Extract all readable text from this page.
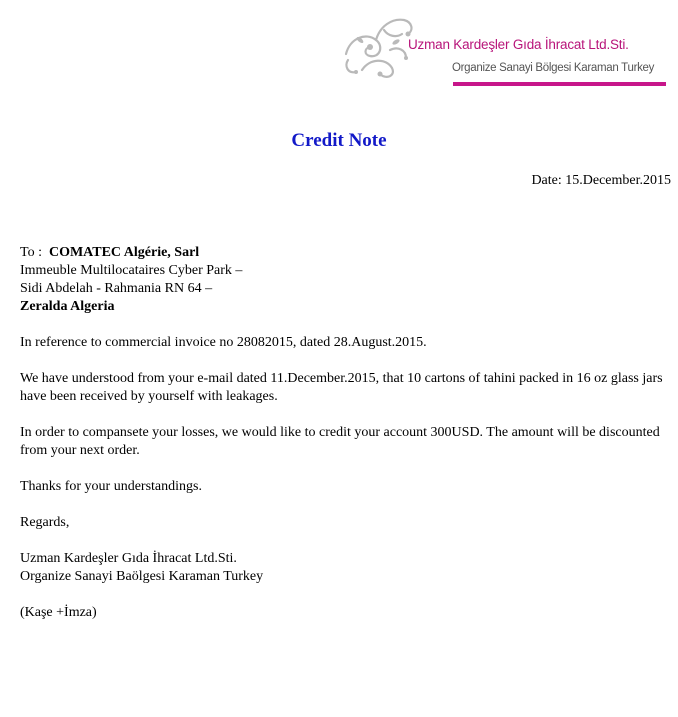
Uzman Kardeşler Gıda İhracat Ltd.Sti.
Organize Sanayi Bölgesi Karaman Turkey
Credit Note
Date: 15.December.2015

To : COMATEC Algérie, Sarl
Immeuble Multilocataires Cyber Park –
Sidi Abdelah - Rahmania RN 64 –
Zeralda Algeria

In reference to commercial invoice no 28082015, dated 28.August.2015.

We have understood from your e-mail dated 11.December.2015, that 10 cartons of tahini packed in 16 oz glass jars have been received by yourself with leakages.

In order to compansete your losses, we would like to credit your account 300USD. The amount will be discounted from your next order.

Thanks for your understandings.

Regards,

Uzman Kardeşler Gıda İhracat Ltd.Sti.
Organize Sanayi Baölgesi Karaman Turkey

(Kaşe +İmza)
